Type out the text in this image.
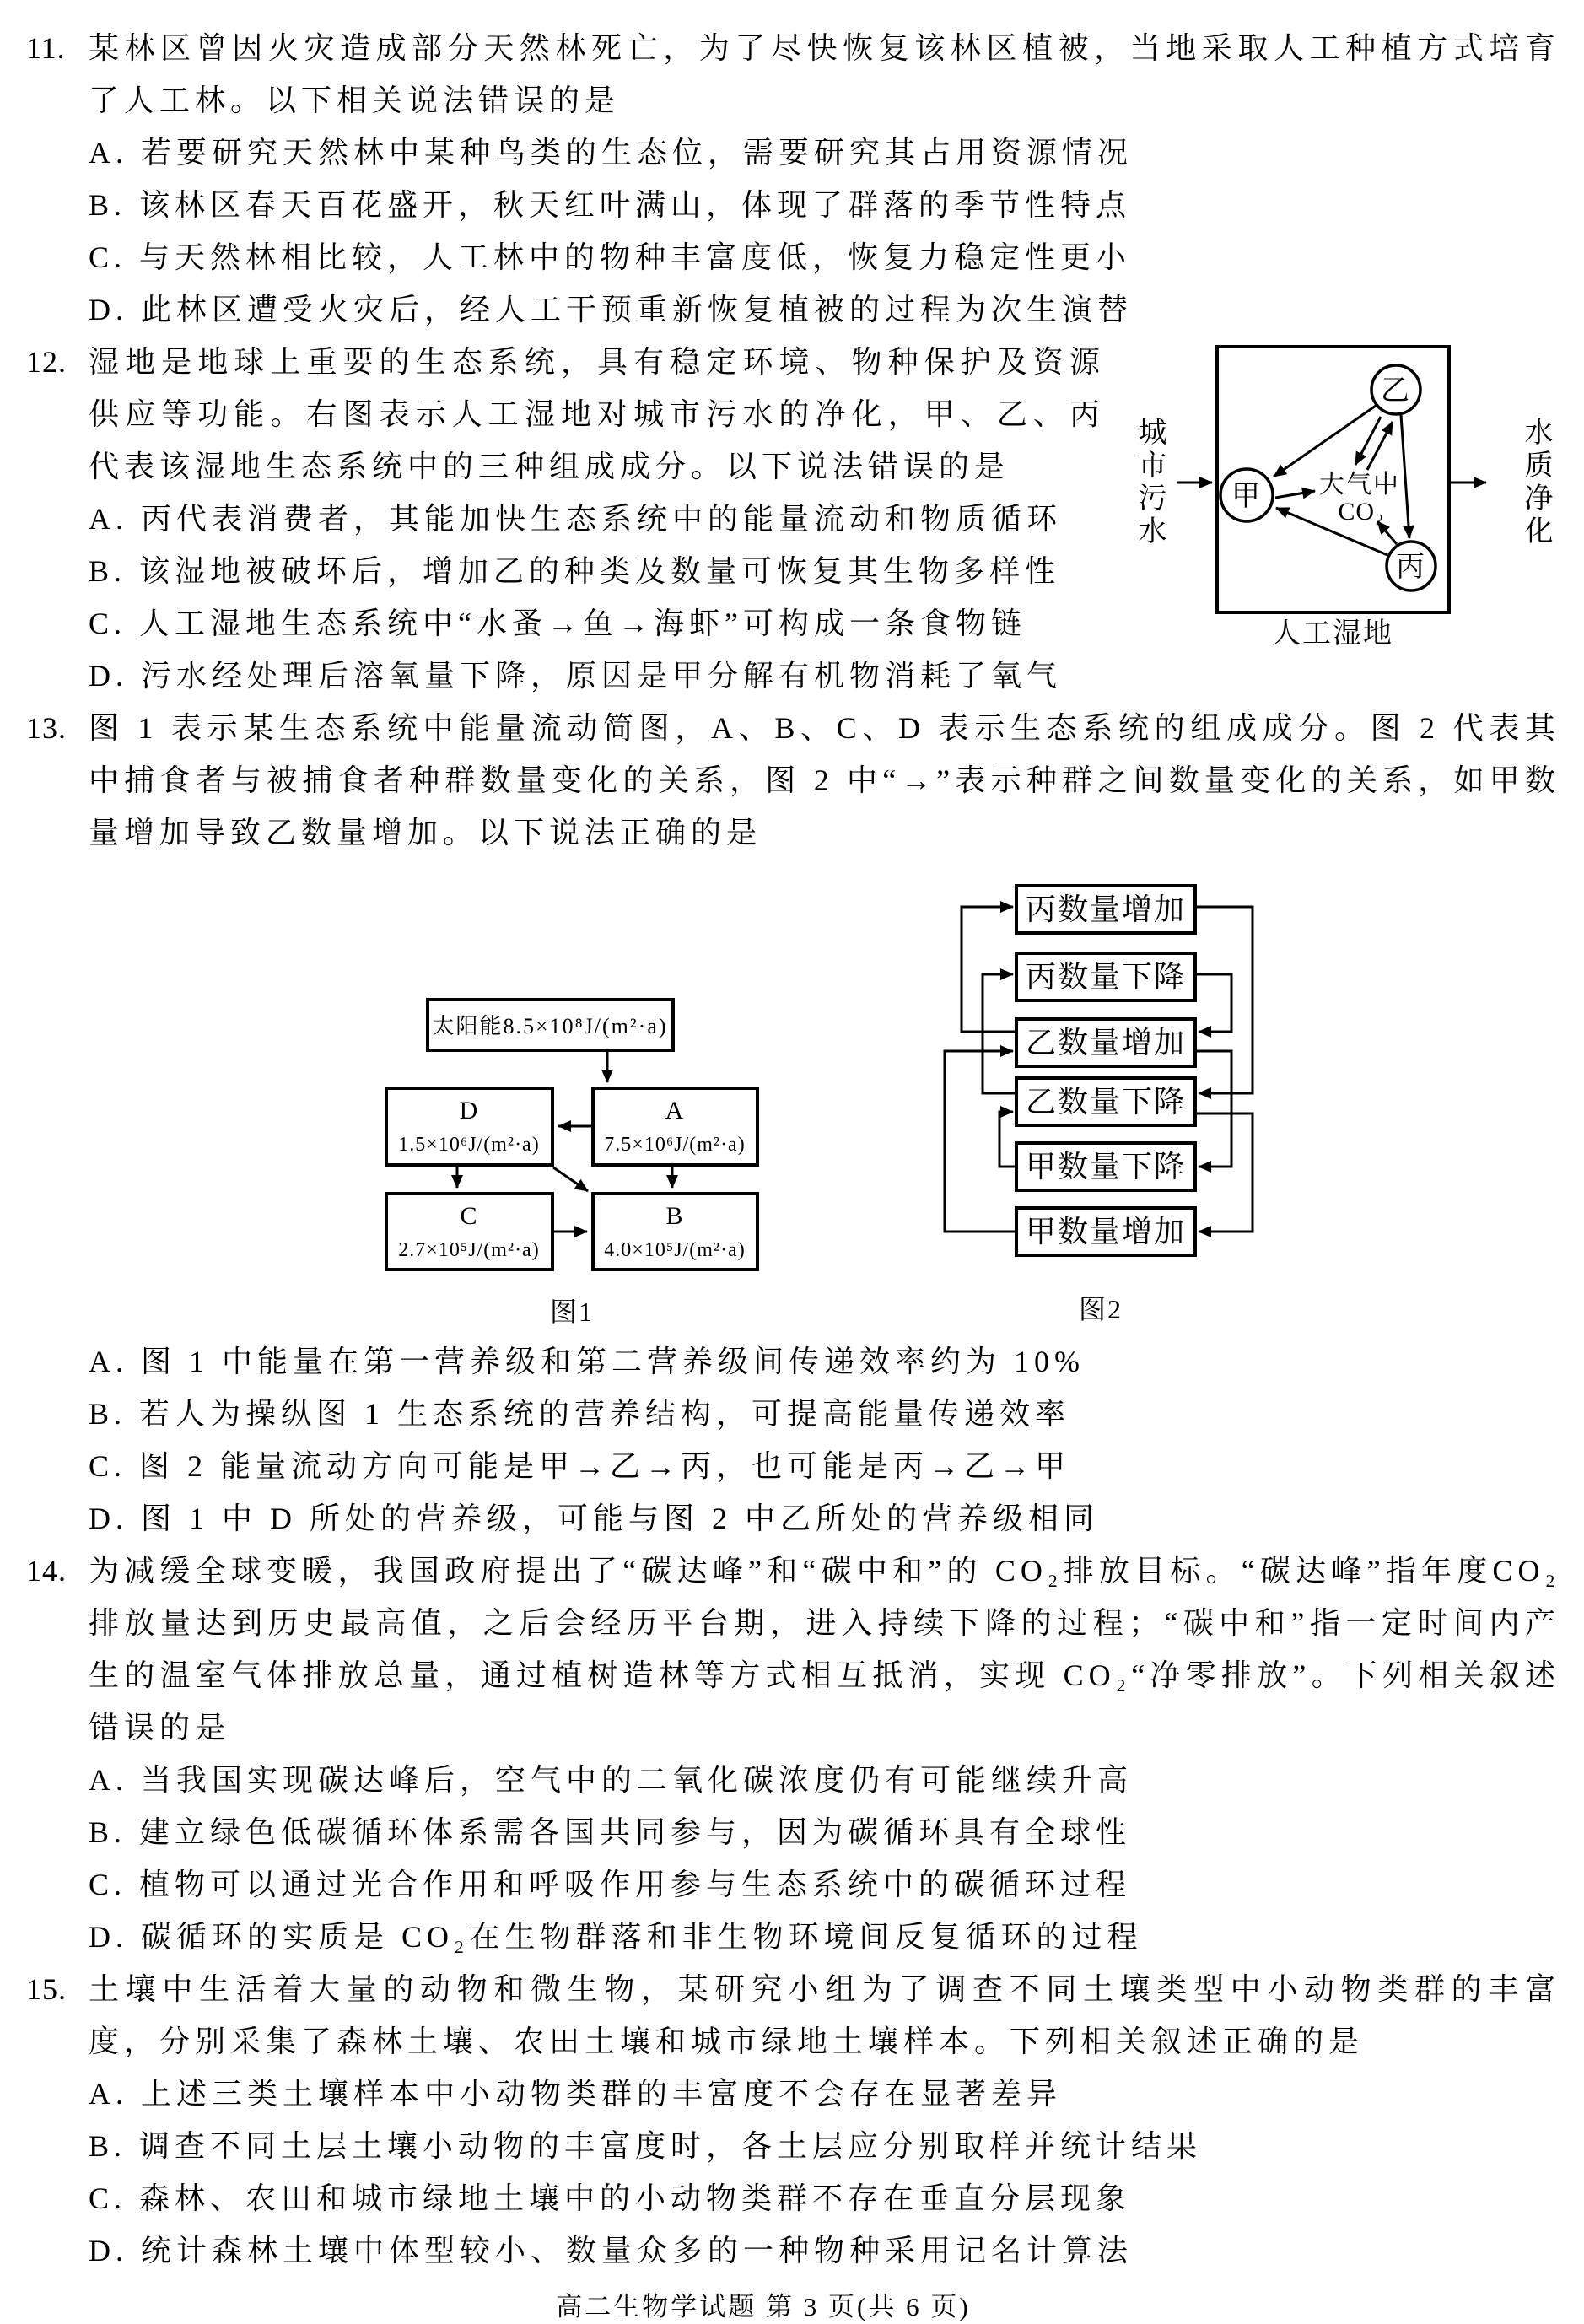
11. 某林区曾因火灾造成部分天然林死亡，为了尽快恢复该林区植被，当地采取人工种植方式培育了人工林。以下相关说法错误的是
A. 若要研究天然林中某种鸟类的生态位，需要研究其占用资源情况
B. 该林区春天百花盛开，秋天红叶满山，体现了群落的季节性特点
C. 与天然林相比较，人工林中的物种丰富度低，恢复力稳定性更小
D. 此林区遭受火灾后，经人工干预重新恢复植被的过程为次生演替
12.
城市污水	水质净化
乙
甲
丙
大气中
CO₂
人工湿地
湿地是地球上重要的生态系统，具有稳定环境、物种保护及资源供应等功能。右图表示人工湿地对城市污水的净化，甲、乙、丙代表该湿地生态系统中的三种组成成分。以下说法错误的是
A. 丙代表消费者，其能加快生态系统中的能量流动和物质循环
B. 该湿地被破坏后，增加乙的种类及数量可恢复其生物多样性
C. 人工湿地生态系统中“水蚤→鱼→海虾”可构成一条食物链
D. 污水经处理后溶氧量下降，原因是甲分解有机物消耗了氧气
13. 图 1 表示某生态系统中能量流动简图，A、B、C、D 表示生态系统的组成成分。图 2 代表其中捕食者与被捕食者种群数量变化的关系，图 2 中“→”表示种群之间数量变化的关系，如甲数量增加导致乙数量增加。以下说法正确的是
太阳能8.5×10⁸J/(m²·a)
D
1.5×10⁶J/(m²·a)
A
7.5×10⁶J/(m²·a)
C
2.7×10⁵J/(m²·a)
B
4.0×10⁵J/(m²·a)
图1
丙数量增加
丙数量下降
乙数量增加
乙数量下降
甲数量下降
甲数量增加
图2
A. 图 1 中能量在第一营养级和第二营养级间传递效率约为 10%
B. 若人为操纵图 1 生态系统的营养结构，可提高能量传递效率
C. 图 2 能量流动方向可能是甲→乙→丙，也可能是丙→乙→甲
D. 图 1 中 D 所处的营养级，可能与图 2 中乙所处的营养级相同
14. 为减缓全球变暖，我国政府提出了“碳达峰”和“碳中和”的 CO₂排放目标。“碳达峰”指年度CO₂排放量达到历史最高值，之后会经历平台期，进入持续下降的过程；“碳中和”指一定时间内产生的温室气体排放总量，通过植树造林等方式相互抵消，实现 CO₂“净零排放”。下列相关叙述错误的是
A. 当我国实现碳达峰后，空气中的二氧化碳浓度仍有可能继续升高
B. 建立绿色低碳循环体系需各国共同参与，因为碳循环具有全球性
C. 植物可以通过光合作用和呼吸作用参与生态系统中的碳循环过程
D. 碳循环的实质是 CO₂在生物群落和非生物环境间反复循环的过程
15. 土壤中生活着大量的动物和微生物，某研究小组为了调查不同土壤类型中小动物类群的丰富度，分别采集了森林土壤、农田土壤和城市绿地土壤样本。下列相关叙述正确的是
A. 上述三类土壤样本中小动物类群的丰富度不会存在显著差异
B. 调查不同土层土壤小动物的丰富度时，各土层应分别取样并统计结果
C. 森林、农田和城市绿地土壤中的小动物类群不存在垂直分层现象
D. 统计森林土壤中体型较小、数量众多的一种物种采用记名计算法
高二生物学试题 第 3 页(共 6 页)
